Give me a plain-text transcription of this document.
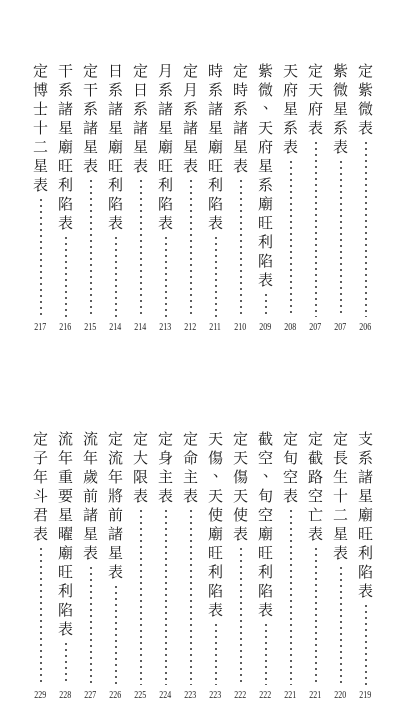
定
紫
微
表
206
紫
微
星
系
表
207
定
天
府
表
207
天
府
星
系
表
208
紫
微
、
天
府
星
系
廟
旺
利
陷
表
209
定
時
系
諸
星
表
210
時
系
諸
星
廟
旺
利
陷
表
211
定
月
系
諸
星
表
212
月
系
諸
星
廟
旺
利
陷
表
213
定
日
系
諸
星
表
214
日
系
諸
星
廟
旺
利
陷
表
214
定
干
系
諸
星
表
215
干
系
諸
星
廟
旺
利
陷
表
216
定
博
士
十
二
星
表
217
支
系
諸
星
廟
旺
利
陷
表
219
定
長
生
十
二
星
表
220
定
截
路
空
亡
表
221
定
旬
空
表
221
截
空
、
旬
空
廟
旺
利
陷
表
222
定
天
傷
天
使
表
222
天
傷
、
天
使
廟
旺
利
陷
表
223
定
命
主
表
223
定
身
主
表
224
定
大
限
表
225
定
流
年
將
前
諸
星
表
226
流
年
歲
前
諸
星
表
227
流
年
重
要
星
曜
廟
旺
利
陷
表
228
定
子
年
斗
君
表
229
